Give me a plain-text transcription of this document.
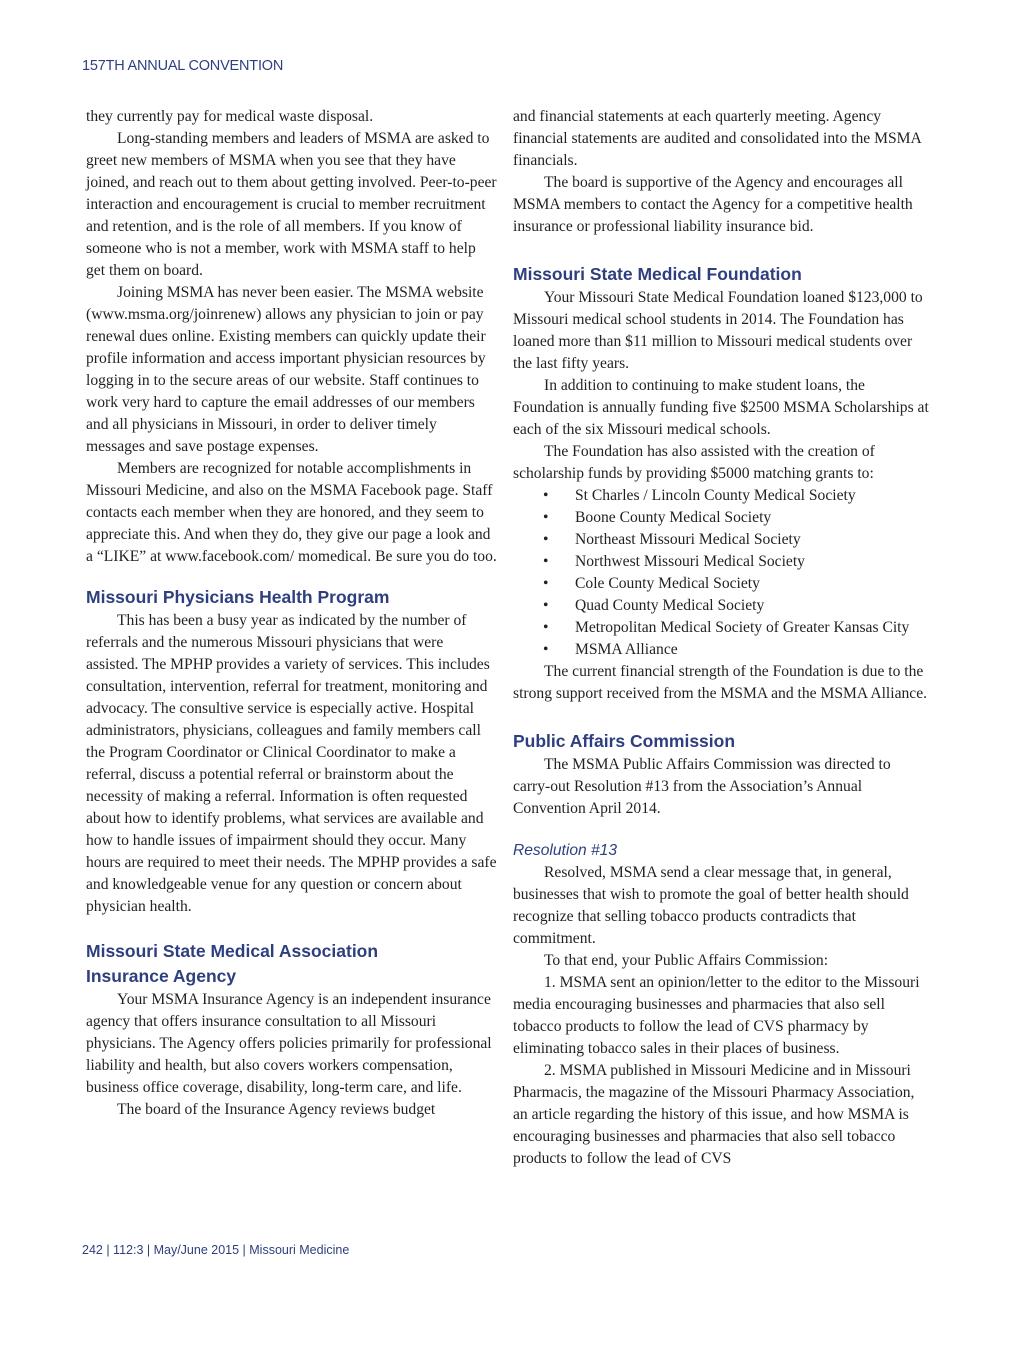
157TH ANNUAL CONVENTION

they currently pay for medical waste disposal.

Long-standing members and leaders of MSMA are asked to greet new members of MSMA when you see that they have joined, and reach out to them about getting involved. Peer-to-peer interaction and encouragement is crucial to member recruitment and retention, and is the role of all members. If you know of someone who is not a member, work with MSMA staff to help get them on board.

Joining MSMA has never been easier. The MSMA website (www.msma.org/joinrenew) allows any physician to join or pay renewal dues online. Existing members can quickly update their profile information and access important physician resources by logging in to the secure areas of our website. Staff continues to work very hard to capture the email addresses of our members and all physicians in Missouri, in order to deliver timely messages and save postage expenses.

Members are recognized for notable accomplishments in Missouri Medicine, and also on the MSMA Facebook page. Staff contacts each member when they are honored, and they seem to appreciate this. And when they do, they give our page a look and a “LIKE” at www.facebook.com/ momedical. Be sure you do too.

Missouri Physicians Health Program

This has been a busy year as indicated by the number of referrals and the numerous Missouri physicians that were assisted. The MPHP provides a variety of services. This includes consultation, intervention, referral for treatment, monitoring and advocacy. The consultive service is especially active. Hospital administrators, physicians, colleagues and family members call the Program Coordinator or Clinical Coordinator to make a referral, discuss a potential referral or brainstorm about the necessity of making a referral. Information is often requested about how to identify problems, what services are available and how to handle issues of impairment should they occur. Many hours are required to meet their needs. The MPHP provides a safe and knowledgeable venue for any question or concern about physician health.

Missouri State Medical Association
Insurance Agency

Your MSMA Insurance Agency is an independent insurance agency that offers insurance consultation to all Missouri physicians. The Agency offers policies primarily for professional liability and health, but also covers workers compensation, business office coverage, disability, long-term care, and life.

The board of the Insurance Agency reviews budget

and financial statements at each quarterly meeting. Agency financial statements are audited and consolidated into the MSMA financials.

The board is supportive of the Agency and encourages all MSMA members to contact the Agency for a competitive health insurance or professional liability insurance bid.

Missouri State Medical Foundation

Your Missouri State Medical Foundation loaned $123,000 to Missouri medical school students in 2014. The Foundation has loaned more than $11 million to Missouri medical students over the last fifty years.

In addition to continuing to make student loans, the Foundation is annually funding five $2500 MSMA Scholarships at each of the six Missouri medical schools.

The Foundation has also assisted with the creation of scholarship funds by providing $5000 matching grants to:

• St Charles / Lincoln County Medical Society
• Boone County Medical Society
• Northeast Missouri Medical Society
• Northwest Missouri Medical Society
• Cole County Medical Society
• Quad County Medical Society
• Metropolitan Medical Society of Greater Kansas City
• MSMA Alliance

The current financial strength of the Foundation is due to the strong support received from the MSMA and the MSMA Alliance.

Public Affairs Commission

The MSMA Public Affairs Commission was directed to carry-out Resolution #13 from the Association’s Annual Convention April 2014.

Resolution #13

Resolved, MSMA send a clear message that, in general, businesses that wish to promote the goal of better health should recognize that selling tobacco products contradicts that commitment.

To that end, your Public Affairs Commission:

1. MSMA sent an opinion/letter to the editor to the Missouri media encouraging businesses and pharmacies that also sell tobacco products to follow the lead of CVS pharmacy by eliminating tobacco sales in their places of business.

2. MSMA published in Missouri Medicine and in Missouri Pharmacis, the magazine of the Missouri Pharmacy Association, an article regarding the history of this issue, and how MSMA is encouraging businesses and pharmacies that also sell tobacco products to follow the lead of CVS

242 | 112:3 | May/June 2015 | Missouri Medicine
